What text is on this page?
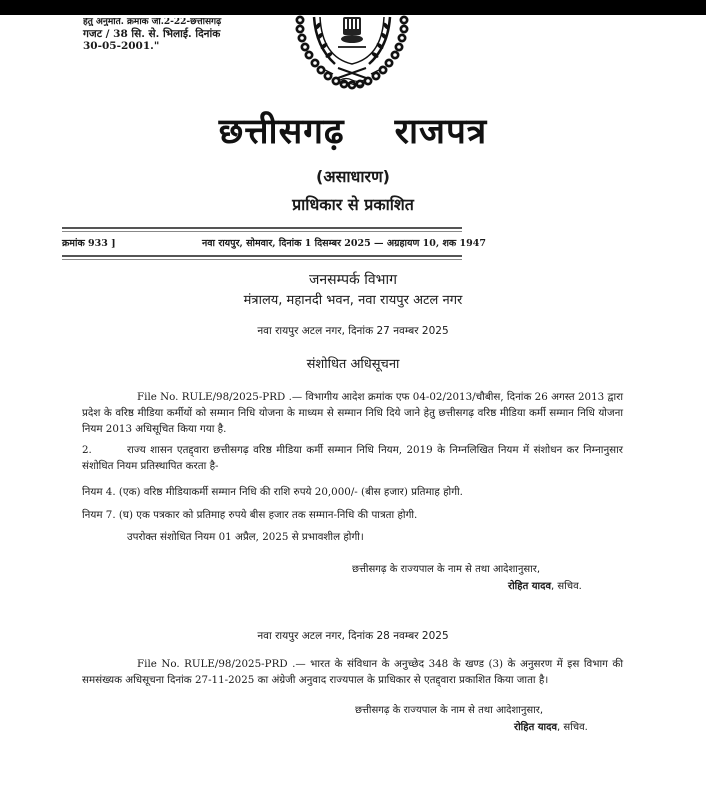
हेतु अनुमति. क्रमांक जी.2-22-छत्तीसगढ़
गजट / 38 सि. से. भिलाई. दिनांक
30-05-2001."
छत्तीसगढ़ राजपत्र
(असाधारण)
प्राधिकार से प्रकाशित
क्रमांक 933 ]	नवा रायपुर, सोमवार, दिनांक 1 दिसम्बर 2025 — अग्रहायण 10, शक 1947
जनसम्पर्क विभाग
मंत्रालय, महानदी भवन, नवा रायपुर अटल नगर
नवा रायपुर अटल नगर, दिनांक 27 नवम्बर 2025
संशोधित अधिसूचना
File No. RULE/98/2025-PRD .— विभागीय आदेश क्रमांक एफ 04-02/2013/चौबीस, दिनांक 26 अगस्त 2013 द्वारा प्रदेश के वरिष्ठ मीडिया कर्मीयों को सम्मान निधि योजना के माध्यम से सम्मान निधि दिये जाने हेतु छत्तीसगढ़ वरिष्ठ मीडिया कर्मी सम्मान निधि योजना नियम 2013 अधिसूचित किया गया है.
2.	राज्य शासन एतद्द्वारा छत्तीसगढ़ वरिष्ठ मीडिया कर्मी सम्मान निधि नियम, 2019 के निम्नलिखित नियम में संशोधन कर निम्नानुसार संशोधित नियम प्रतिस्थापित करता है-
नियम 4. (एक) वरिष्ठ मीडियाकर्मी सम्मान निधि की राशि रुपये 20,000/- (बीस हजार) प्रतिमाह होगी.
नियम 7. (घ) एक पत्रकार को प्रतिमाह रुपये बीस हजार तक सम्मान-निधि की पात्रता होगी.
उपरोक्त संशोधित नियम 01 अप्रैल, 2025 से प्रभावशील होगी।
छत्तीसगढ़ के राज्यपाल के नाम से तथा आदेशानुसार,
रोहित यादव, सचिव.
नवा रायपुर अटल नगर, दिनांक 28 नवम्बर 2025
File No. RULE/98/2025-PRD .— भारत के संविधान के अनुच्छेद 348 के खण्ड (3) के अनुसरण में इस विभाग की समसंख्यक अधिसूचना दिनांक 27-11-2025 का अंग्रेजी अनुवाद राज्यपाल के प्राधिकार से एतद्द्वारा प्रकाशित किया जाता है।
छत्तीसगढ़ के राज्यपाल के नाम से तथा आदेशानुसार,
रोहित यादव, सचिव.
